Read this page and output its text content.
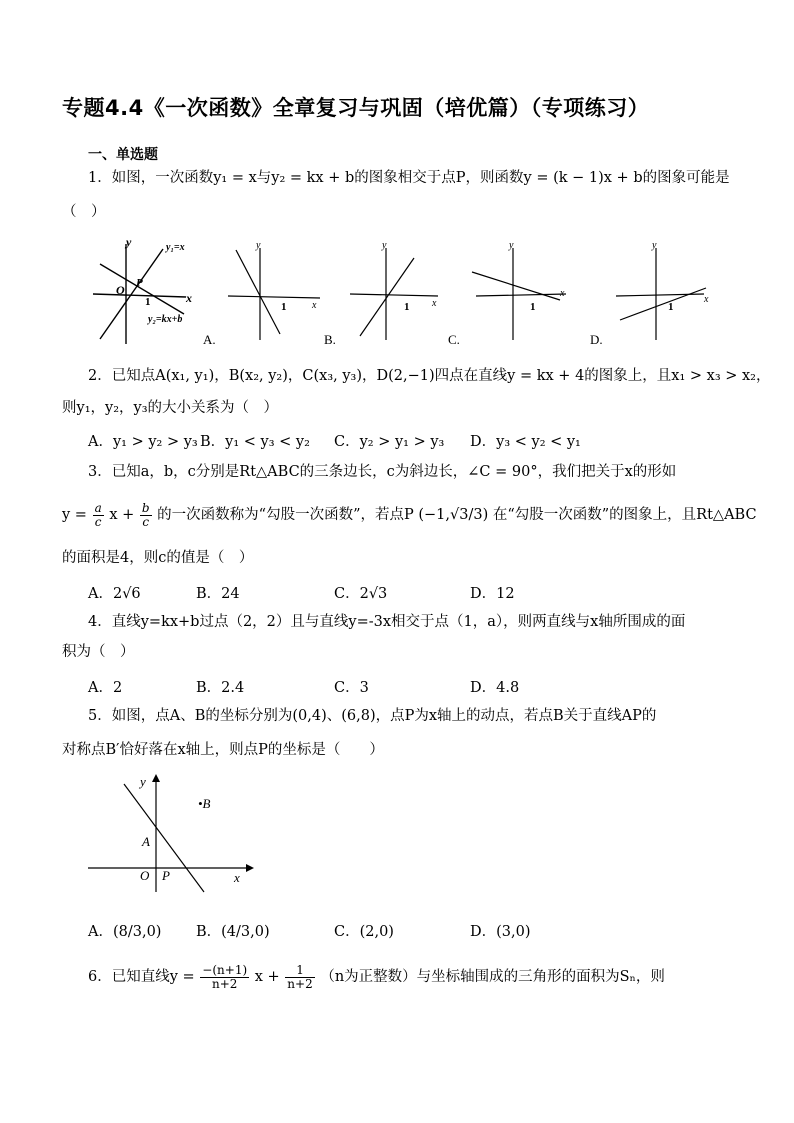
专题4.4《一次函数》全章复习与巩固（培优篇）（专项练习）
一、单选题
1．如图，一次函数y₁ = x与y₂ = kx + b的图象相交于点P，则函数y = (k − 1)x + b的图象可能是
（　）
y
x
O P
1
y₁=x
y₂=kx+b
y
x
1
A.
y
x
1
B.
y
x
1
C.
y
x
1
D.
2．已知点A(x₁, y₁)，B(x₂, y₂)，C(x₃, y₃)，D(2,−1)四点在直线y = kx + 4的图象上，且x₁ > x₃ > x₂，
则y₁，y₂，y₃的大小关系为（　）
A．y₁ > y₂ > y₃ B．y₁ < y₃ < y₂ C．y₂ > y₁ > y₃ D．y₃ < y₂ < y₁
3．已知a，b，c分别是Rt△ABC的三条边长，c为斜边长，∠C = 90°，我们把关于x的形如
$y = \frac{a}{c}$ $x + \frac{b}{c}$ 的一次函数称为“勾股一次函数”，若点P (−1,√3/3) 在“勾股一次函数”的图象上，且Rt△ABC
的面积是4，则c的值是（　）
A．2√6	B．24	C．2√3	D．12
4．直线y=kx+b过点（2，2）且与直线y=-3x相交于点（1，a），则两直线与x轴所围成的面
积为（　）
A．2	B．2.4	C．3	D．4.8
5．如图，点A、B的坐标分别为(0,4)、(6,8)，点P为x轴上的动点，若点B关于直线AP的
对称点B′恰好落在x轴上，则点P的坐标是（　　）
y
x
O
A
•B
P
A．(8/3,0) B．(4/3,0)	C．(2,0)	D．(3,0)
6．已知直线$y = \frac{-(n+1)}{n+2}$ $x + \frac{1}{n+2} (n$为正整数）与坐标轴围成的三角形的面积为Sₙ，则
